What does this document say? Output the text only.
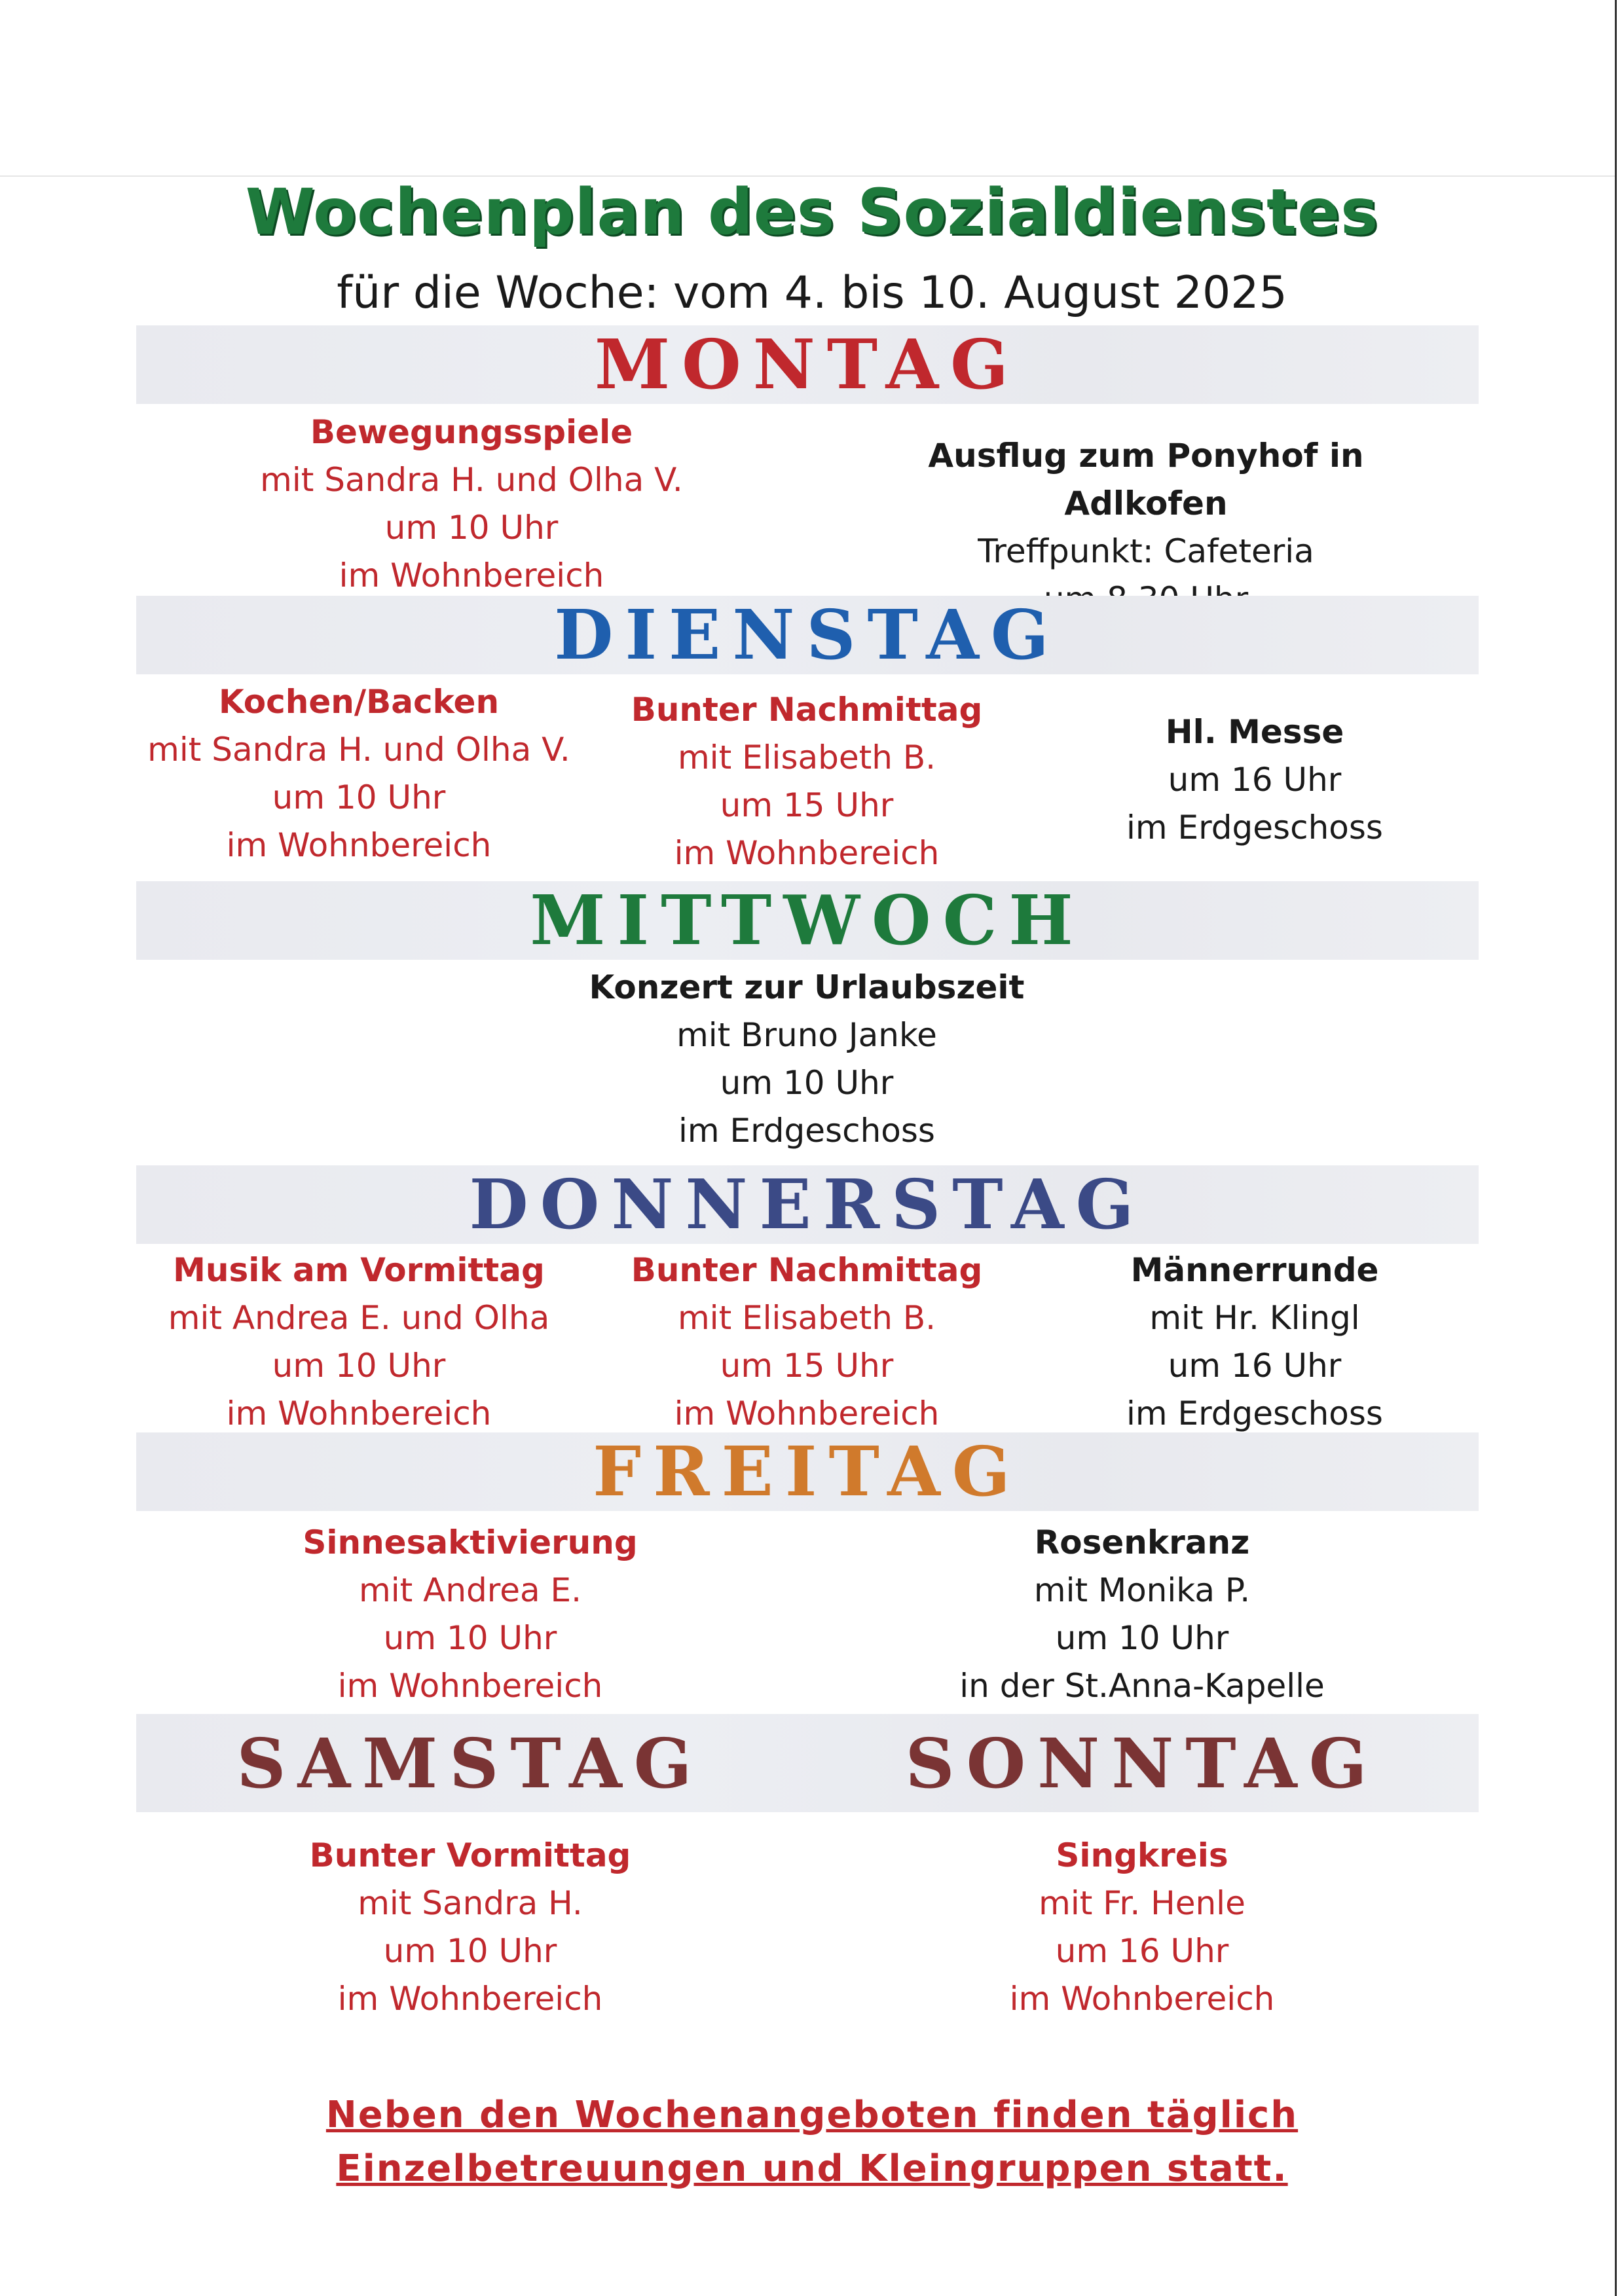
Wochenplan des Sozialdienstes
für die Woche: vom 4. bis 10. August 2025
MONTAG
Bewegungsspiele
mit Sandra H. und Olha V.
um 10 Uhr
im Wohnbereich
Ausflug zum Ponyhof in Adlkofen
Treffpunkt: Cafeteria
DIENSTAG
Kochen/Backen
mit Sandra H. und Olha V.
um 10 Uhr
im Wohnbereich
Bunter Nachmittag
mit Elisabeth B.
um 15 Uhr
im Wohnbereich
Hl. Messe
um 16 Uhr
im Erdgeschoss
MITTWOCH
Konzert zur Urlaubszeit
mit Bruno Janke
um 10 Uhr
im Erdgeschoss
DONNERSTAG
Musik am Vormittag
mit Andrea E. und Olha
um 10 Uhr
im Wohnbereich
Bunter Nachmittag
mit Elisabeth B.
um 15 Uhr
im Wohnbereich
Männerrunde
mit Hr. Klingl
um 16 Uhr
im Erdgeschoss
FREITAG
Sinnesaktivierung
mit Andrea E.
um 10 Uhr
im Wohnbereich
Rosenkranz
mit Monika P.
um 10 Uhr
in der St.Anna-Kapelle
SAMSTAG	SONNTAG
Bunter Vormittag
mit Sandra H.
um 10 Uhr
im Wohnbereich
Singkreis
mit Fr. Henle
um 16 Uhr
im Wohnbereich
Neben den Wochenangeboten finden täglich
Einzelbetreuungen und Kleingruppen statt.
